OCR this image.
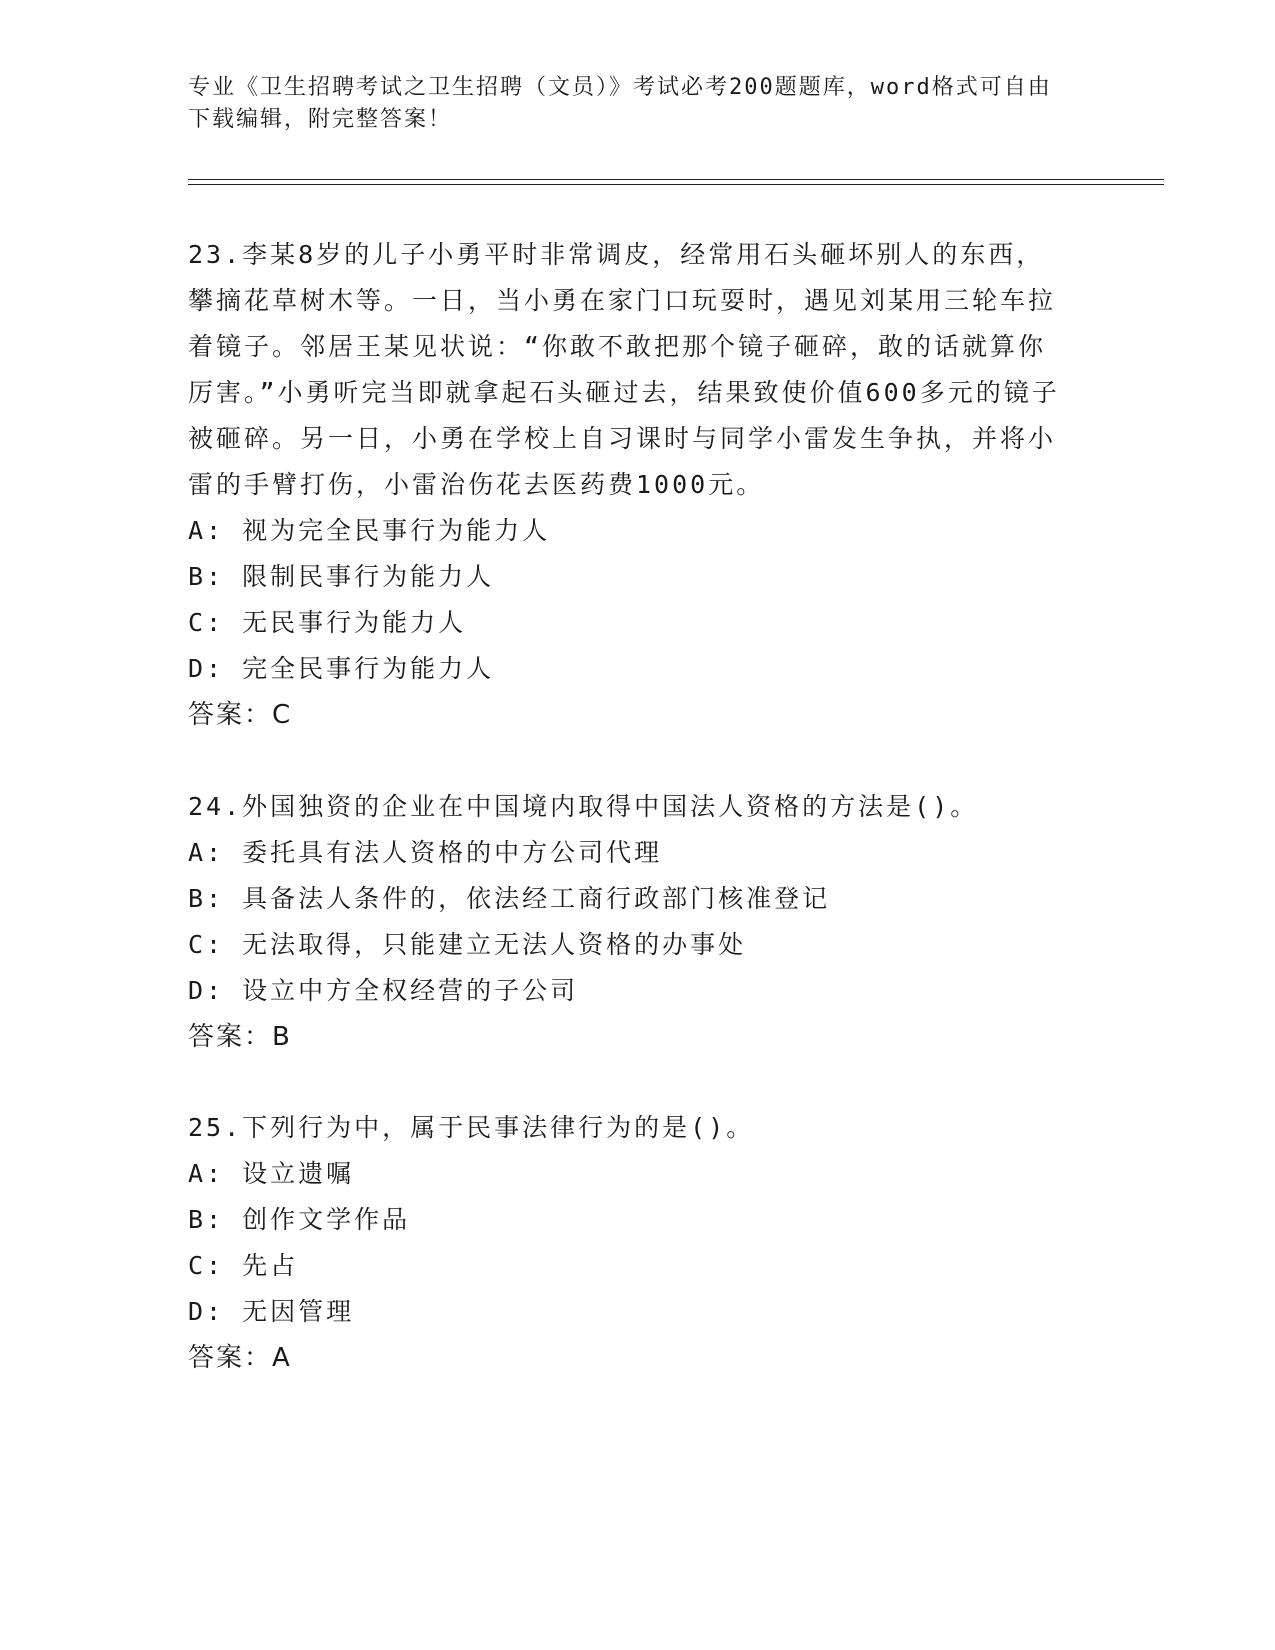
专业《卫生招聘考试之卫生招聘（文员）》考试必考200题题库，word格式可自由下载编辑，附完整答案！
23.李某8岁的儿子小勇平时非常调皮，经常用石头砸坏别人的东西，攀摘花草树木等。一日，当小勇在家门口玩耍时，遇见刘某用三轮车拉着镜子。邻居王某见状说：“你敢不敢把那个镜子砸碎，敢的话就算你厉害。”小勇听完当即就拿起石头砸过去，结果致使价值600多元的镜子被砸碎。另一日，小勇在学校上自习课时与同学小雷发生争执，并将小雷的手臂打伤，小雷治伤花去医药费1000元。
A: 视为完全民事行为能力人
B: 限制民事行为能力人
C: 无民事行为能力人
D: 完全民事行为能力人
答案：C
24.外国独资的企业在中国境内取得中国法人资格的方法是()。
A: 委托具有法人资格的中方公司代理
B: 具备法人条件的，依法经工商行政部门核准登记
C: 无法取得，只能建立无法人资格的办事处
D: 设立中方全权经营的子公司
答案：B
25.下列行为中，属于民事法律行为的是()。
A: 设立遗嘱
B: 创作文学作品
C: 先占
D: 无因管理
答案：A
